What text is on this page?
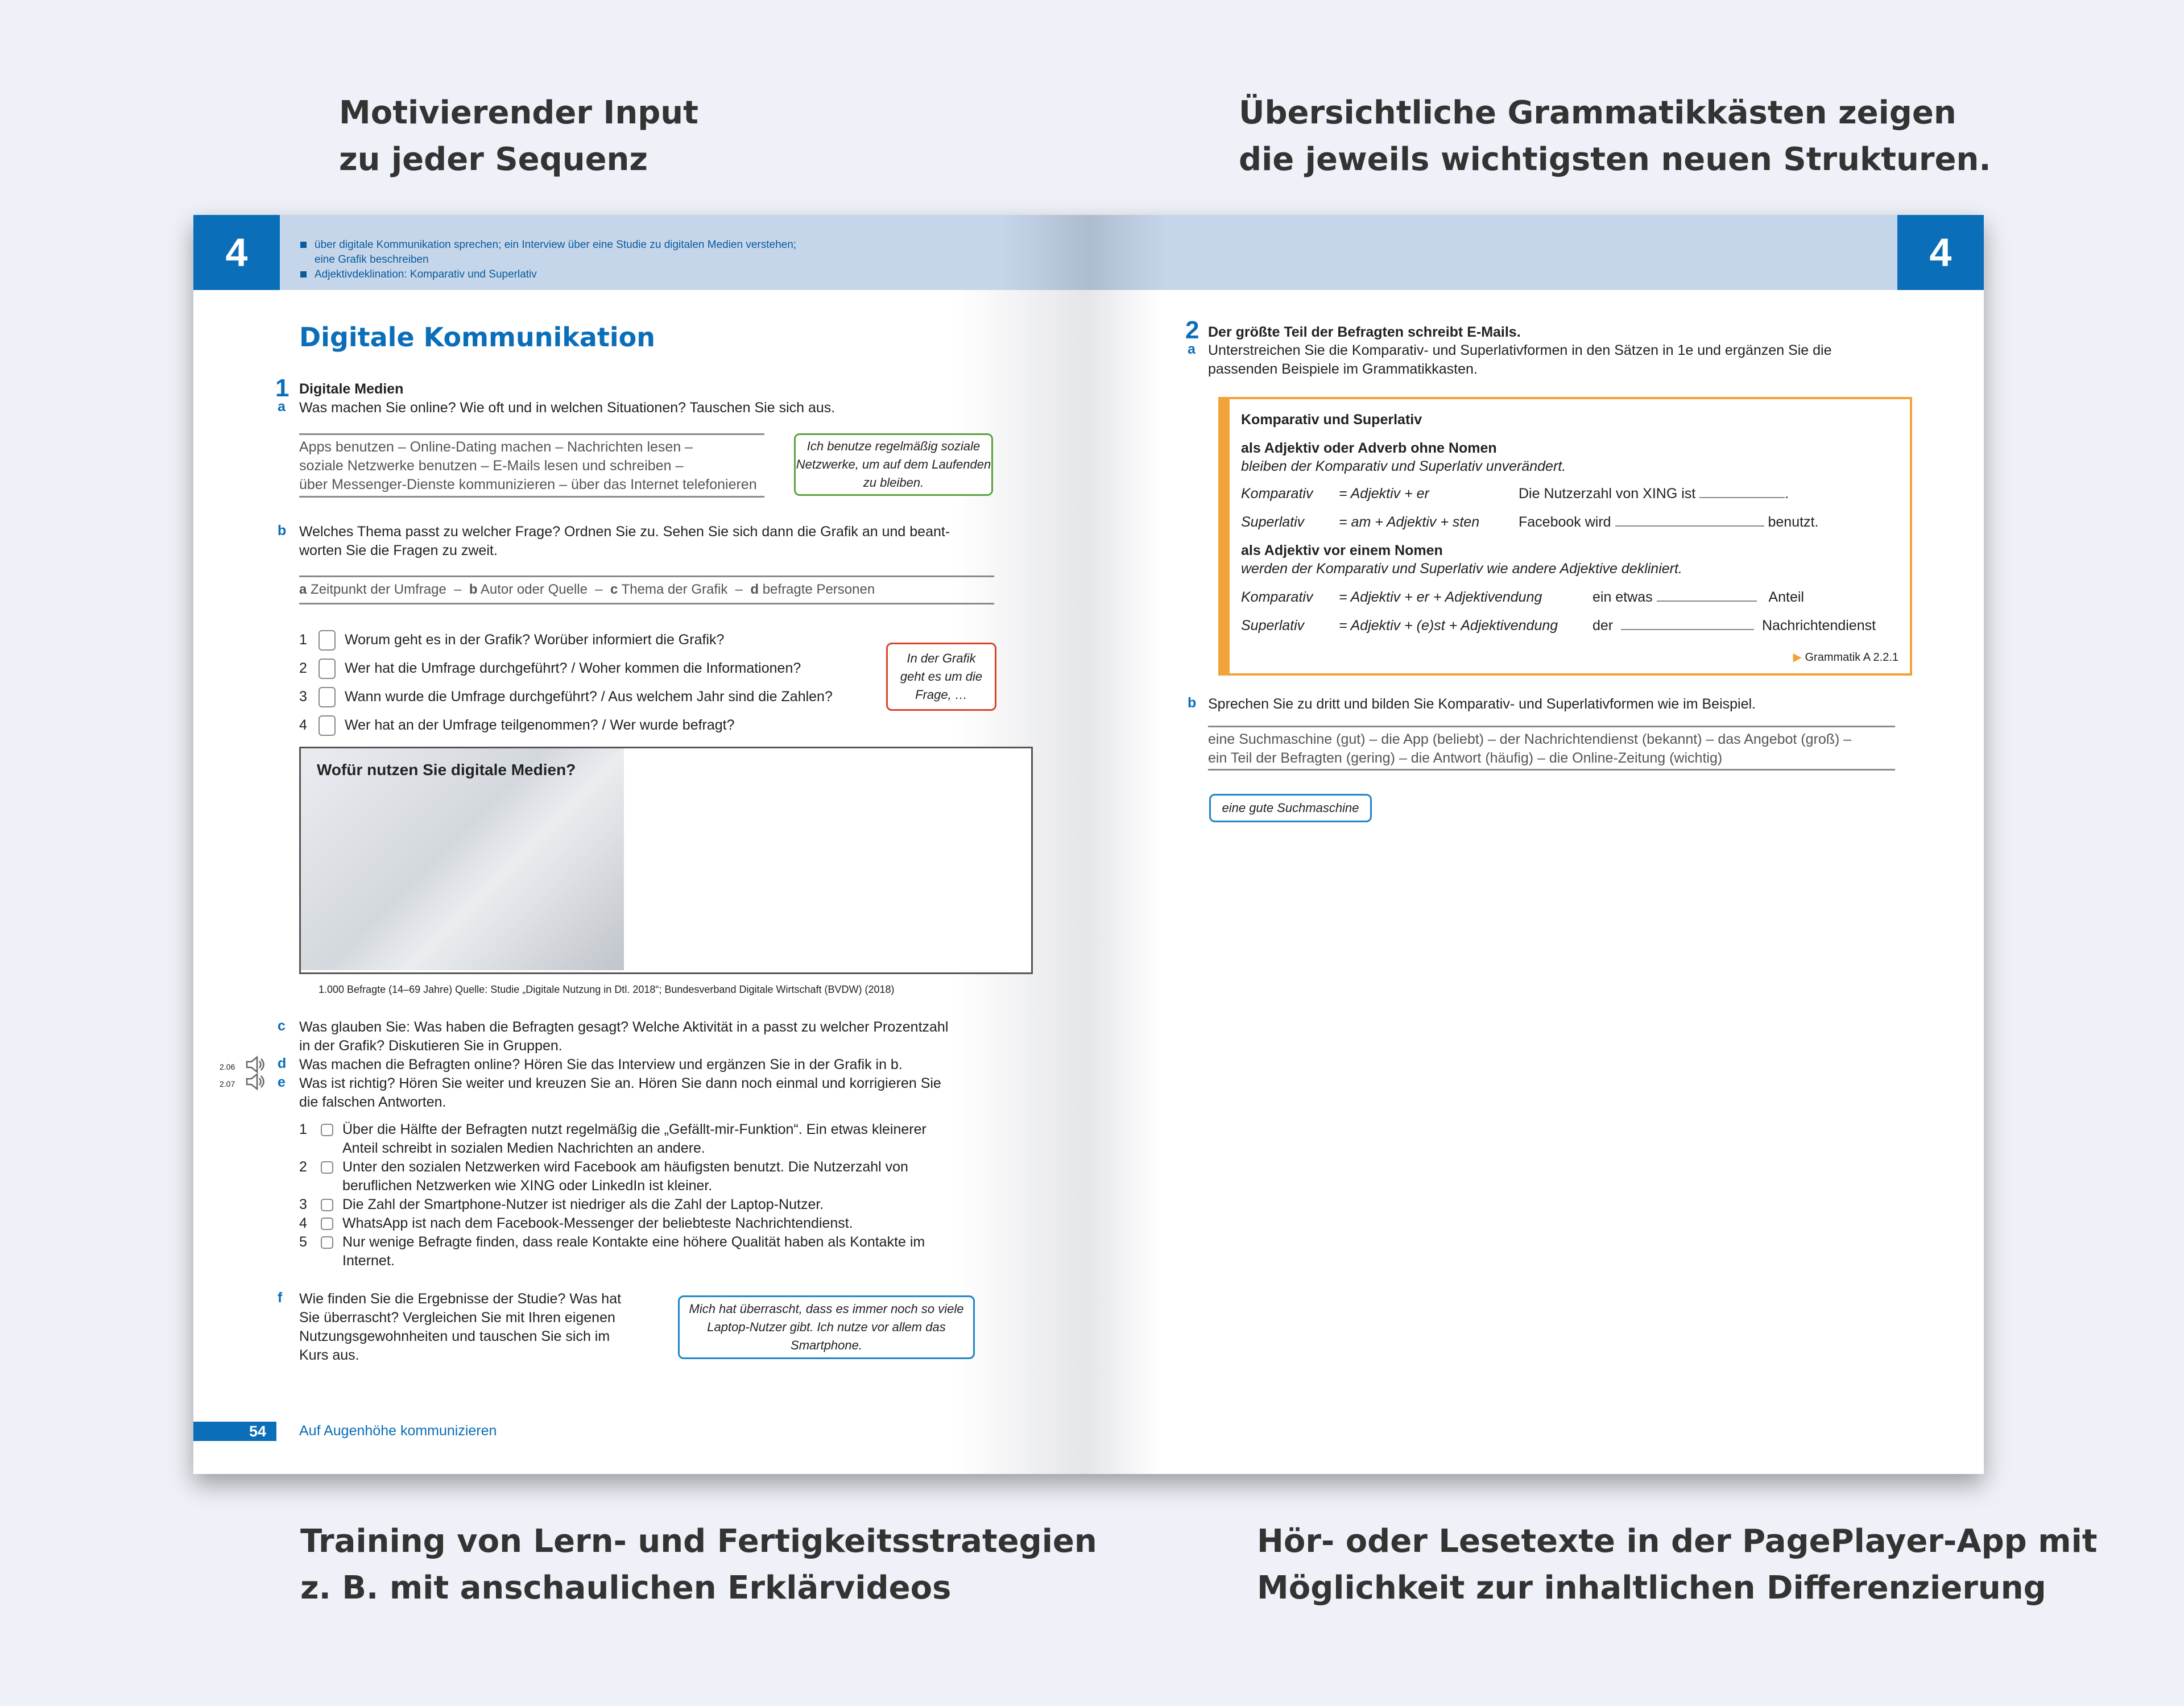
Motivierender Input
zu jeder Sequenz
Übersichtliche Grammatikkästen zeigen
die jeweils wichtigsten neuen Strukturen.
Training von Lern- und Fertigkeitsstrategien
z. B. mit anschaulichen Erklärvideos
Hör- oder Lesetexte in der PagePlayer-App mit
Möglichkeit zur inhaltlichen Differenzierung
4	über digitale Kommunikation sprechen; ein Interview über eine Studie zu digitalen Medien verstehen;
eine Grafik beschreiben
Adjektivdeklination: Komparativ und Superlativ
Digitale Kommunikation
1 Digitale Medien
a Was machen Sie online? Wie oft und in welchen Situationen? Tauschen Sie sich aus.
Apps benutzen – Online-Dating machen – Nachrichten lesen –
soziale Netzwerke benutzen – E-Mails lesen und schreiben –
über Messenger-Dienste kommunizieren – über das Internet telefonieren
Ich benutze regelmäßig soziale Netzwerke, um auf dem Laufenden zu bleiben.
b Welches Thema passt zu welcher Frage? Ordnen Sie zu. Sehen Sie sich dann die Grafik an und beant-
worten Sie die Fragen zu zweit.
a Zeitpunkt der Umfrage  –  b Autor oder Quelle  –  c Thema der Grafik  –  d befragte Personen
1	Worum geht es in der Grafik? Worüber informiert die Grafik?
2	Wer hat die Umfrage durchgeführt? / Woher kommen die Informationen?
3	Wann wurde die Umfrage durchgeführt? / Aus welchem Jahr sind die Zahlen?
4	Wer hat an der Umfrage teilgenommen? / Wer wurde befragt?
In der Grafik geht es um die Frage, …
Wofür nutzen Sie digitale Medien?
1.000 Befragte (14–69 Jahre) Quelle: Studie „Digitale Nutzung in Dtl. 2018“; Bundesverband Digitale Wirtschaft (BVDW) (2018)
c Was glauben Sie: Was haben die Befragten gesagt? Welche Aktivität in a passt zu welcher Prozentzahl
in der Grafik? Diskutieren Sie in Gruppen.
2.06	d Was machen die Befragten online? Hören Sie das Interview und ergänzen Sie in der Grafik in b.
2.07	e Was ist richtig? Hören Sie weiter und kreuzen Sie an. Hören Sie dann noch einmal und korrigieren Sie
die falschen Antworten.
1 Über die Hälfte der Befragten nutzt regelmäßig die „Gefällt-mir-Funktion“. Ein etwas kleinerer
Anteil schreibt in sozialen Medien Nachrichten an andere.
2 Unter den sozialen Netzwerken wird Facebook am häufigsten benutzt. Die Nutzerzahl von
beruflichen Netzwerken wie XING oder LinkedIn ist kleiner.
3 Die Zahl der Smartphone-Nutzer ist niedriger als die Zahl der Laptop-Nutzer.
4 WhatsApp ist nach dem Facebook-Messenger der beliebteste Nachrichtendienst.
5 Nur wenige Befragte finden, dass reale Kontakte eine höhere Qualität haben als Kontakte im
Internet.
f Wie finden Sie die Ergebnisse der Studie? Was hat
Sie überrascht? Vergleichen Sie mit Ihren eigenen
Nutzungsgewohnheiten und tauschen Sie sich im
Kurs aus.
Mich hat überrascht, dass es immer noch so viele Laptop-Nutzer gibt. Ich nutze vor allem das Smartphone.
54	Auf Augenhöhe kommunizieren
4
2 Der größte Teil der Befragten schreibt E-Mails.
a Unterstreichen Sie die Komparativ- und Superlativformen in den Sätzen in 1e und ergänzen Sie die
passenden Beispiele im Grammatikkasten.
Komparativ und Superlativ
als Adjektiv oder Adverb ohne Nomen
bleiben der Komparativ und Superlativ unverändert.
Komparativ = Adjektiv + er	Die Nutzerzahl von XING ist	.
Superlativ = am + Adjektiv + sten	Facebook wird	benutzt.
als Adjektiv vor einem Nomen
werden der Komparativ und Superlativ wie andere Adjektive dekliniert.
Komparativ = Adjektiv + er + Adjektivendung	ein etwas	Anteil
Superlativ = Adjektiv + (e)st + Adjektivendung der	Nachrichtendienst
▶ Grammatik A 2.2.1
b Sprechen Sie zu dritt und bilden Sie Komparativ- und Superlativformen wie im Beispiel.
eine Suchmaschine (gut) – die App (beliebt) – der Nachrichtendienst (bekannt) – das Angebot (groß) –
ein Teil der Befragten (gering) – die Antwort (häufig) – die Online-Zeitung (wichtig)
eine gute Suchmaschine
